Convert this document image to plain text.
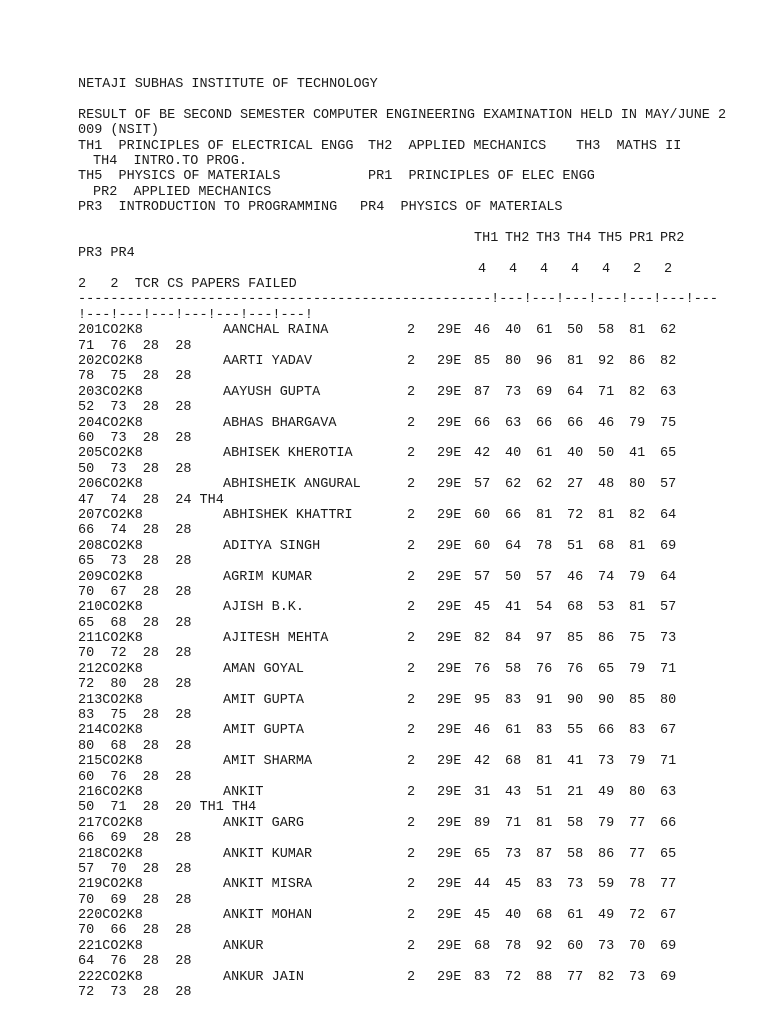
NETAJI SUBHAS INSTITUTE OF TECHNOLOGY
RESULT OF BE SECOND SEMESTER COMPUTER ENGINEERING EXAMINATION HELD IN MAY/JUNE 2
009 (NSIT)

TH1  PRINCIPLES OF ELECTRICAL ENGG

TH2  APPLIED MECHANICS

TH3  MATHS II

TH4  INTRO.TO PROG.

TH5  PHYSICS OF MATERIALS

	PR1  PRINCIPLES OF ELEC ENGG

PR2  APPLIED MECHANICS

PR3  INTRODUCTION TO PROGRAMMING

PR4  PHYSICS OF MATERIALS

TH1 TH2 TH3 TH4 TH5 PR1 PR2
PR3 PR4
4 4 4 4 4 2 2
2   2  TCR CS PAPERS FAILED
---------------------------------------------------!---!---!---!---!---!---!---
!---!---!---!---!---!---!---!
201CO2K8	AANCHAL RAINA	2 29E 46 40 61 50 58 81 62
71  76  28  28
202CO2K8	AARTI YADAV	2 29E 85 80 96 81 92 86 82
78  75  28  28
203CO2K8	AAYUSH GUPTA	2 29E 87 73 69 64 71 82 63
52  73  28  28
204CO2K8	ABHAS BHARGAVA	2 29E 66 63 66 66 46 79 75
60  73  28  28
205CO2K8	ABHISEK KHEROTIA	2 29E 42 40 61 40 50 41 65
50  73  28  28
206CO2K8	ABHISHEIK ANGURAL	2 29E 57 62 62 27 48 80 57
47  74  28  24 TH4
207CO2K8	ABHISHEK KHATTRI	2 29E 60 66 81 72 81 82 64
66  74  28  28
208CO2K8	ADITYA SINGH	2 29E 60 64 78 51 68 81 69
65  73  28  28
209CO2K8	AGRIM KUMAR	2 29E 57 50 57 46 74 79 64
70  67  28  28
210CO2K8	AJISH B.K.	2 29E 45 41 54 68 53 81 57
65  68  28  28
211CO2K8	AJITESH MEHTA	2 29E 82 84 97 85 86 75 73
70  72  28  28
212CO2K8	AMAN GOYAL	2 29E 76 58 76 76 65 79 71
72  80  28  28
213CO2K8	AMIT GUPTA	2 29E 95 83 91 90 90 85 80
83  75  28  28
214CO2K8	AMIT GUPTA	2 29E 46 61 83 55 66 83 67
80  68  28  28
215CO2K8	AMIT SHARMA	2 29E 42 68 81 41 73 79 71
60  76  28  28
216CO2K8	ANKIT	2 29E 31 43 51 21 49 80 63
50  71  28  20 TH1 TH4
217CO2K8	ANKIT GARG	2 29E 89 71 81 58 79 77 66
66  69  28  28
218CO2K8	ANKIT KUMAR	2 29E 65 73 87 58 86 77 65
57  70  28  28
219CO2K8	ANKIT MISRA	2 29E 44 45 83 73 59 78 77
70  69  28  28
220CO2K8	ANKIT MOHAN	2 29E 45 40 68 61 49 72 67
70  66  28  28
221CO2K8	ANKUR	2 29E 68 78 92 60 73 70 69
64  76  28  28
222CO2K8	ANKUR JAIN	2 29E 83 72 88 77 82 73 69
72  73  28  28
